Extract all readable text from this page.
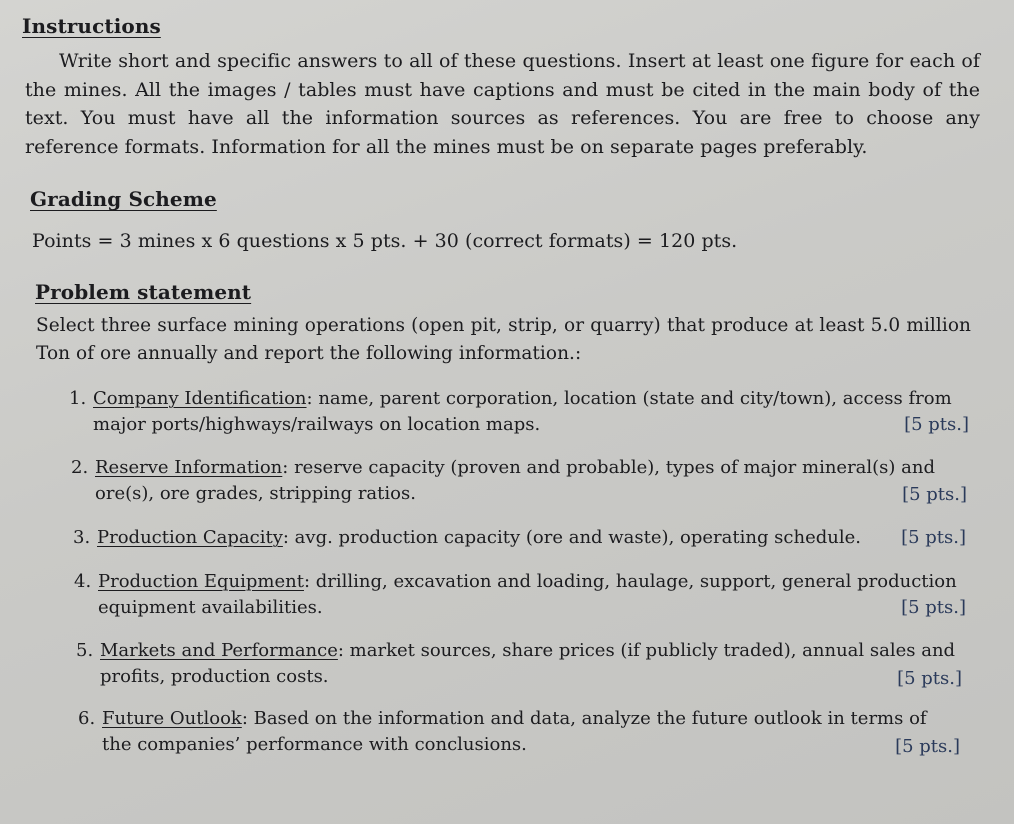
Instructions
Write short and specific answers to all of these questions. Insert at least one figure for each of the mines. All the images / tables must have captions and must be cited in the main body of the text. You must have all the information sources as references. You are free to choose any reference formats. Information for all the mines must be on separate pages preferably.
Grading Scheme
Points = 3 mines x 6 questions x 5 pts. + 30 (correct formats) = 120 pts.
Problem statement
Select three surface mining operations (open pit, strip, or quarry) that produce at least 5.0 million Ton of ore annually and report the following information.:
1. Company Identification: name, parent corporation, location (state and city/town), access from major ports/highways/railways on location maps.	[5 pts.]
2. Reserve Information: reserve capacity (proven and probable), types of major mineral(s) and ore(s), ore grades, stripping ratios.	[5 pts.]
3. Production Capacity: avg. production capacity (ore and waste), operating schedule.	[5 pts.]
4. Production Equipment: drilling, excavation and loading, haulage, support, general production equipment availabilities.	[5 pts.]
5. Markets and Performance: market sources, share prices (if publicly traded), annual sales and profits, production costs.	[5 pts.]
6. Future Outlook: Based on the information and data, analyze the future outlook in terms of the companies’ performance with conclusions.	[5 pts.]
